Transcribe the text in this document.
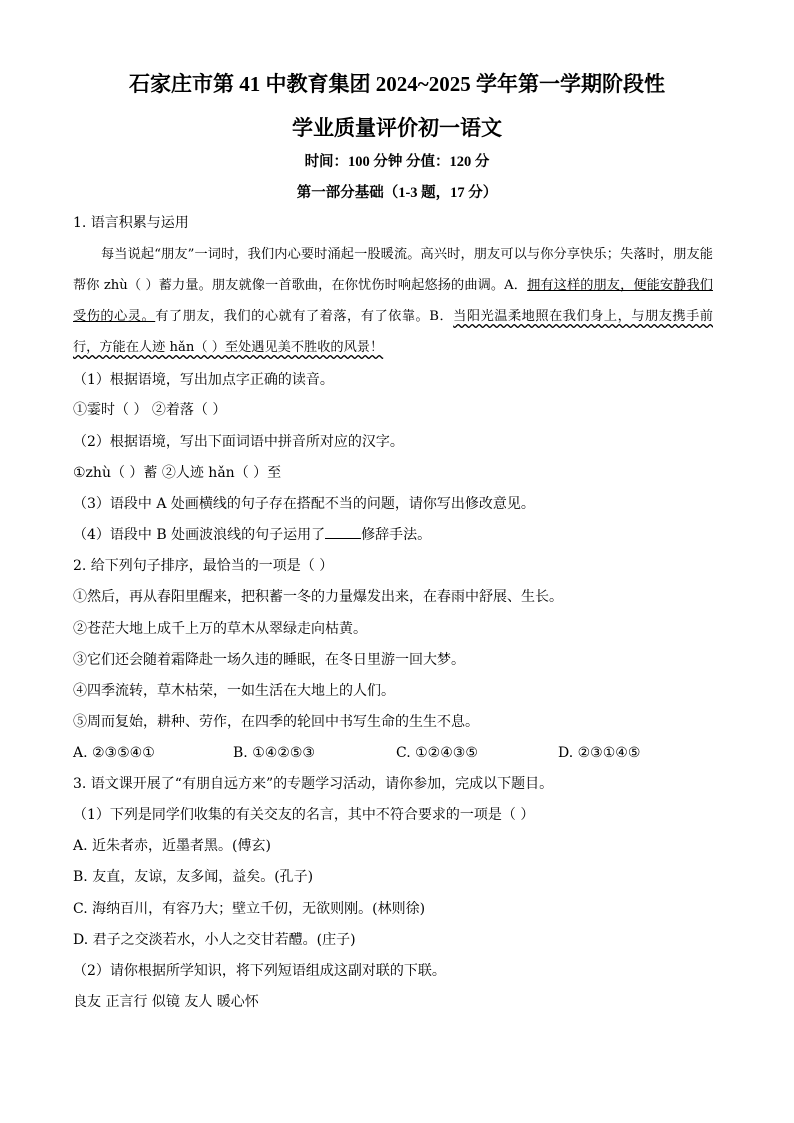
石家庄市第 41 中教育集团 2024~2025 学年第一学期阶段性
学业质量评价初一语文
时间：100 分钟 分值：120 分
第一部分基础（1-3 题，17 分）
1. 语言积累与运用
每当说起“朋友”一词时，我们内心要时涌起一股暖流。高兴时，朋友可以与你分享快乐；失落时，朋友能帮你 zhù（ ）蓄力量。朋友就像一首歌曲，在你忧伤时响起悠扬的曲调。A．拥有这样的朋友，便能安静我们受伤的心灵。有了朋友，我们的心就有了着落，有了依靠。B．当阳光温柔地照在我们身上，与朋友携手前行，方能在人迹 hǎn（ ）至处遇见美不胜收的风景！
（1）根据语境，写出加点字正确的读音。
①霎时（ ） ②着落（ ）
（2）根据语境，写出下面词语中拼音所对应的汉字。
①zhù（ ）蓄 ②人迹 hǎn（ ）至
（3）语段中 A 处画横线的句子存在搭配不当的问题，请你写出修改意见。
（4）语段中 B 处画波浪线的句子运用了	修辞手法。
2. 给下列句子排序，最恰当的一项是（ ）
①然后，再从春阳里醒来，把积蓄一冬的力量爆发出来，在春雨中舒展、生长。
②苍茫大地上成千上万的草木从翠绿走向枯黄。
③它们还会随着霜降赴一场久违的睡眠，在冬日里游一回大梦。
④四季流转，草木枯荣，一如生活在大地上的人们。
⑤周而复始，耕种、劳作，在四季的轮回中书写生命的生生不息。
A. ②③⑤④①	B. ①④②⑤③	C. ①②④③⑤	D. ②③①④⑤
3. 语文课开展了“有朋自远方来”的专题学习活动，请你参加，完成以下题目。
（1）下列是同学们收集的有关交友的名言，其中不符合要求的一项是（ ）
A. 近朱者赤，近墨者黑。(傅玄)
B. 友直，友谅，友多闻，益矣。(孔子)
C. 海纳百川，有容乃大；壁立千仞，无欲则刚。(林则徐)
D. 君子之交淡若水，小人之交甘若醴。(庄子)
（2）请你根据所学知识，将下列短语组成这副对联的下联。
良友 正言行 似镜 友人 暖心怀
